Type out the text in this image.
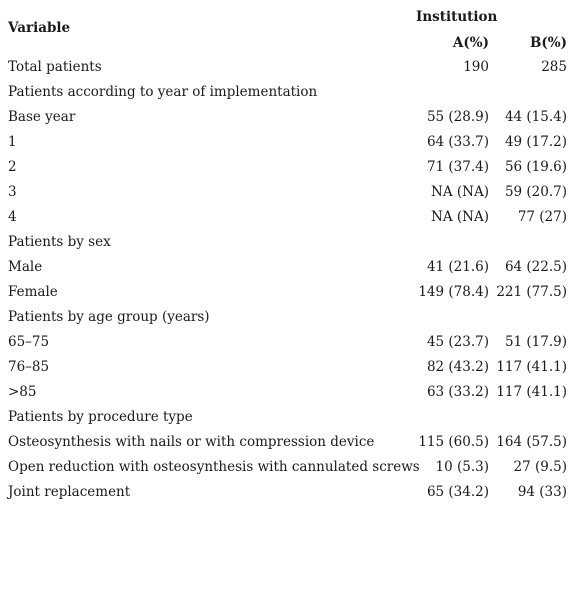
Variable
Institution
A(%)	B(%)
Total patients	190	285
Patients according to year of implementation
Base year	55 (28.9) 44 (15.4)
1	64 (33.7) 49 (17.2)
2	71 (37.4) 56 (19.6)
3	NA (NA) 59 (20.7)
4	NA (NA) 77 (27)
Patients by sex
Male	41 (21.6) 64 (22.5)
Female	149 (78.4) 221 (77.5)
Patients by age group (years)
65–75	45 (23.7) 51 (17.9)
76–85	82 (43.2) 117 (41.1)
>85	63 (33.2) 117 (41.1)
Patients by procedure type
Osteosynthesis with nails or with compression device	115 (60.5) 164 (57.5)
Open reduction with osteosynthesis with cannulated screws 10 (5.3) 27 (9.5)
Joint replacement	65 (34.2) 94 (33)
